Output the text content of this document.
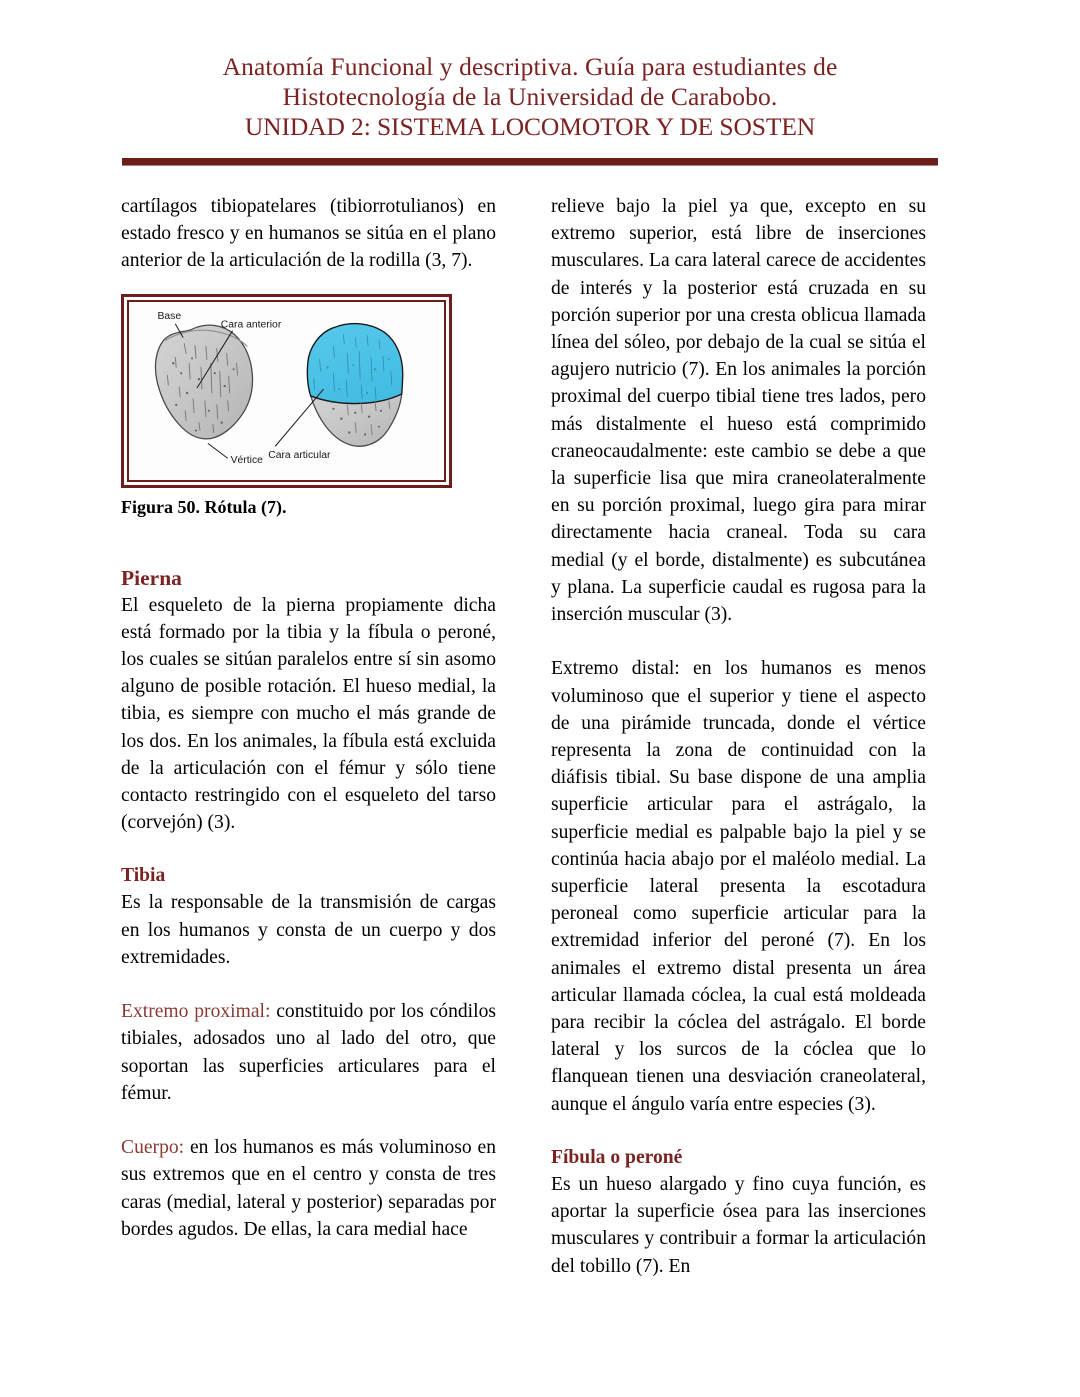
Anatomía Funcional y descriptiva. Guía para estudiantes de
Histotecnología de la Universidad de Carabobo.
UNIDAD 2: SISTEMA LOCOMOTOR Y DE SOSTEN

cartílagos tibiopatelares (tibiorrotulianos) en estado fresco y en humanos se sitúa en el plano anterior de la articulación de la rodilla (3, 7).

Base
Cara anterior
Vértice Cara articular
Figura 50. Rótula (7).
Pierna

El esqueleto de la pierna propiamente dicha está formado por la tibia y la fíbula o peroné, los cuales se sitúan paralelos entre sí sin asomo alguno de posible rotación. El hueso medial, la tibia, es siempre con mucho el más grande de los dos. En los animales, la fíbula está excluida de la articulación con el fémur y sólo tiene contacto restringido con el esqueleto del tarso (corvejón) (3).

Tibia

Es la responsable de la transmisión de cargas en los humanos y consta de un cuerpo y dos extremidades.

Extremo proximal: constituido por los cóndilos tibiales, adosados uno al lado del otro, que soportan las superficies articulares para el fémur.

Cuerpo: en los humanos es más voluminoso en sus extremos que en el centro y consta de tres caras (medial, lateral y posterior) separadas por bordes agudos. De ellas, la cara medial hace

relieve bajo la piel ya que, excepto en su extremo superior, está libre de inserciones musculares. La cara lateral carece de accidentes de interés y la posterior está cruzada en su porción superior por una cresta oblicua llamada línea del sóleo, por debajo de la cual se sitúa el agujero nutricio (7). En los animales la porción proximal del cuerpo tibial tiene tres lados, pero más distalmente el hueso está comprimido craneocaudalmente: este cambio se debe a que la superficie lisa que mira craneolateralmente en su porción proximal, luego gira para mirar directamente hacia craneal. Toda su cara medial (y el borde, distalmente) es subcutánea y plana. La superficie caudal es rugosa para la inserción muscular (3).

Extremo distal: en los humanos es menos voluminoso que el superior y tiene el aspecto de una pirámide truncada, donde el vértice representa la zona de continuidad con la diáfisis tibial. Su base dispone de una amplia superficie articular para el astrágalo, la superficie medial es palpable bajo la piel y se continúa hacia abajo por el maléolo medial. La superficie lateral presenta la escotadura peroneal como superficie articular para la extremidad inferior del peroné (7). En los animales el extremo distal presenta un área articular llamada cóclea, la cual está moldeada para recibir la cóclea del astrágalo. El borde lateral y los surcos de la cóclea que lo flanquean tienen una desviación craneolateral, aunque el ángulo varía entre especies (3).

Fíbula o peroné

Es un hueso alargado y fino cuya función, es aportar la superficie ósea para las inserciones musculares y contribuir a formar la articulación del tobillo (7). En
